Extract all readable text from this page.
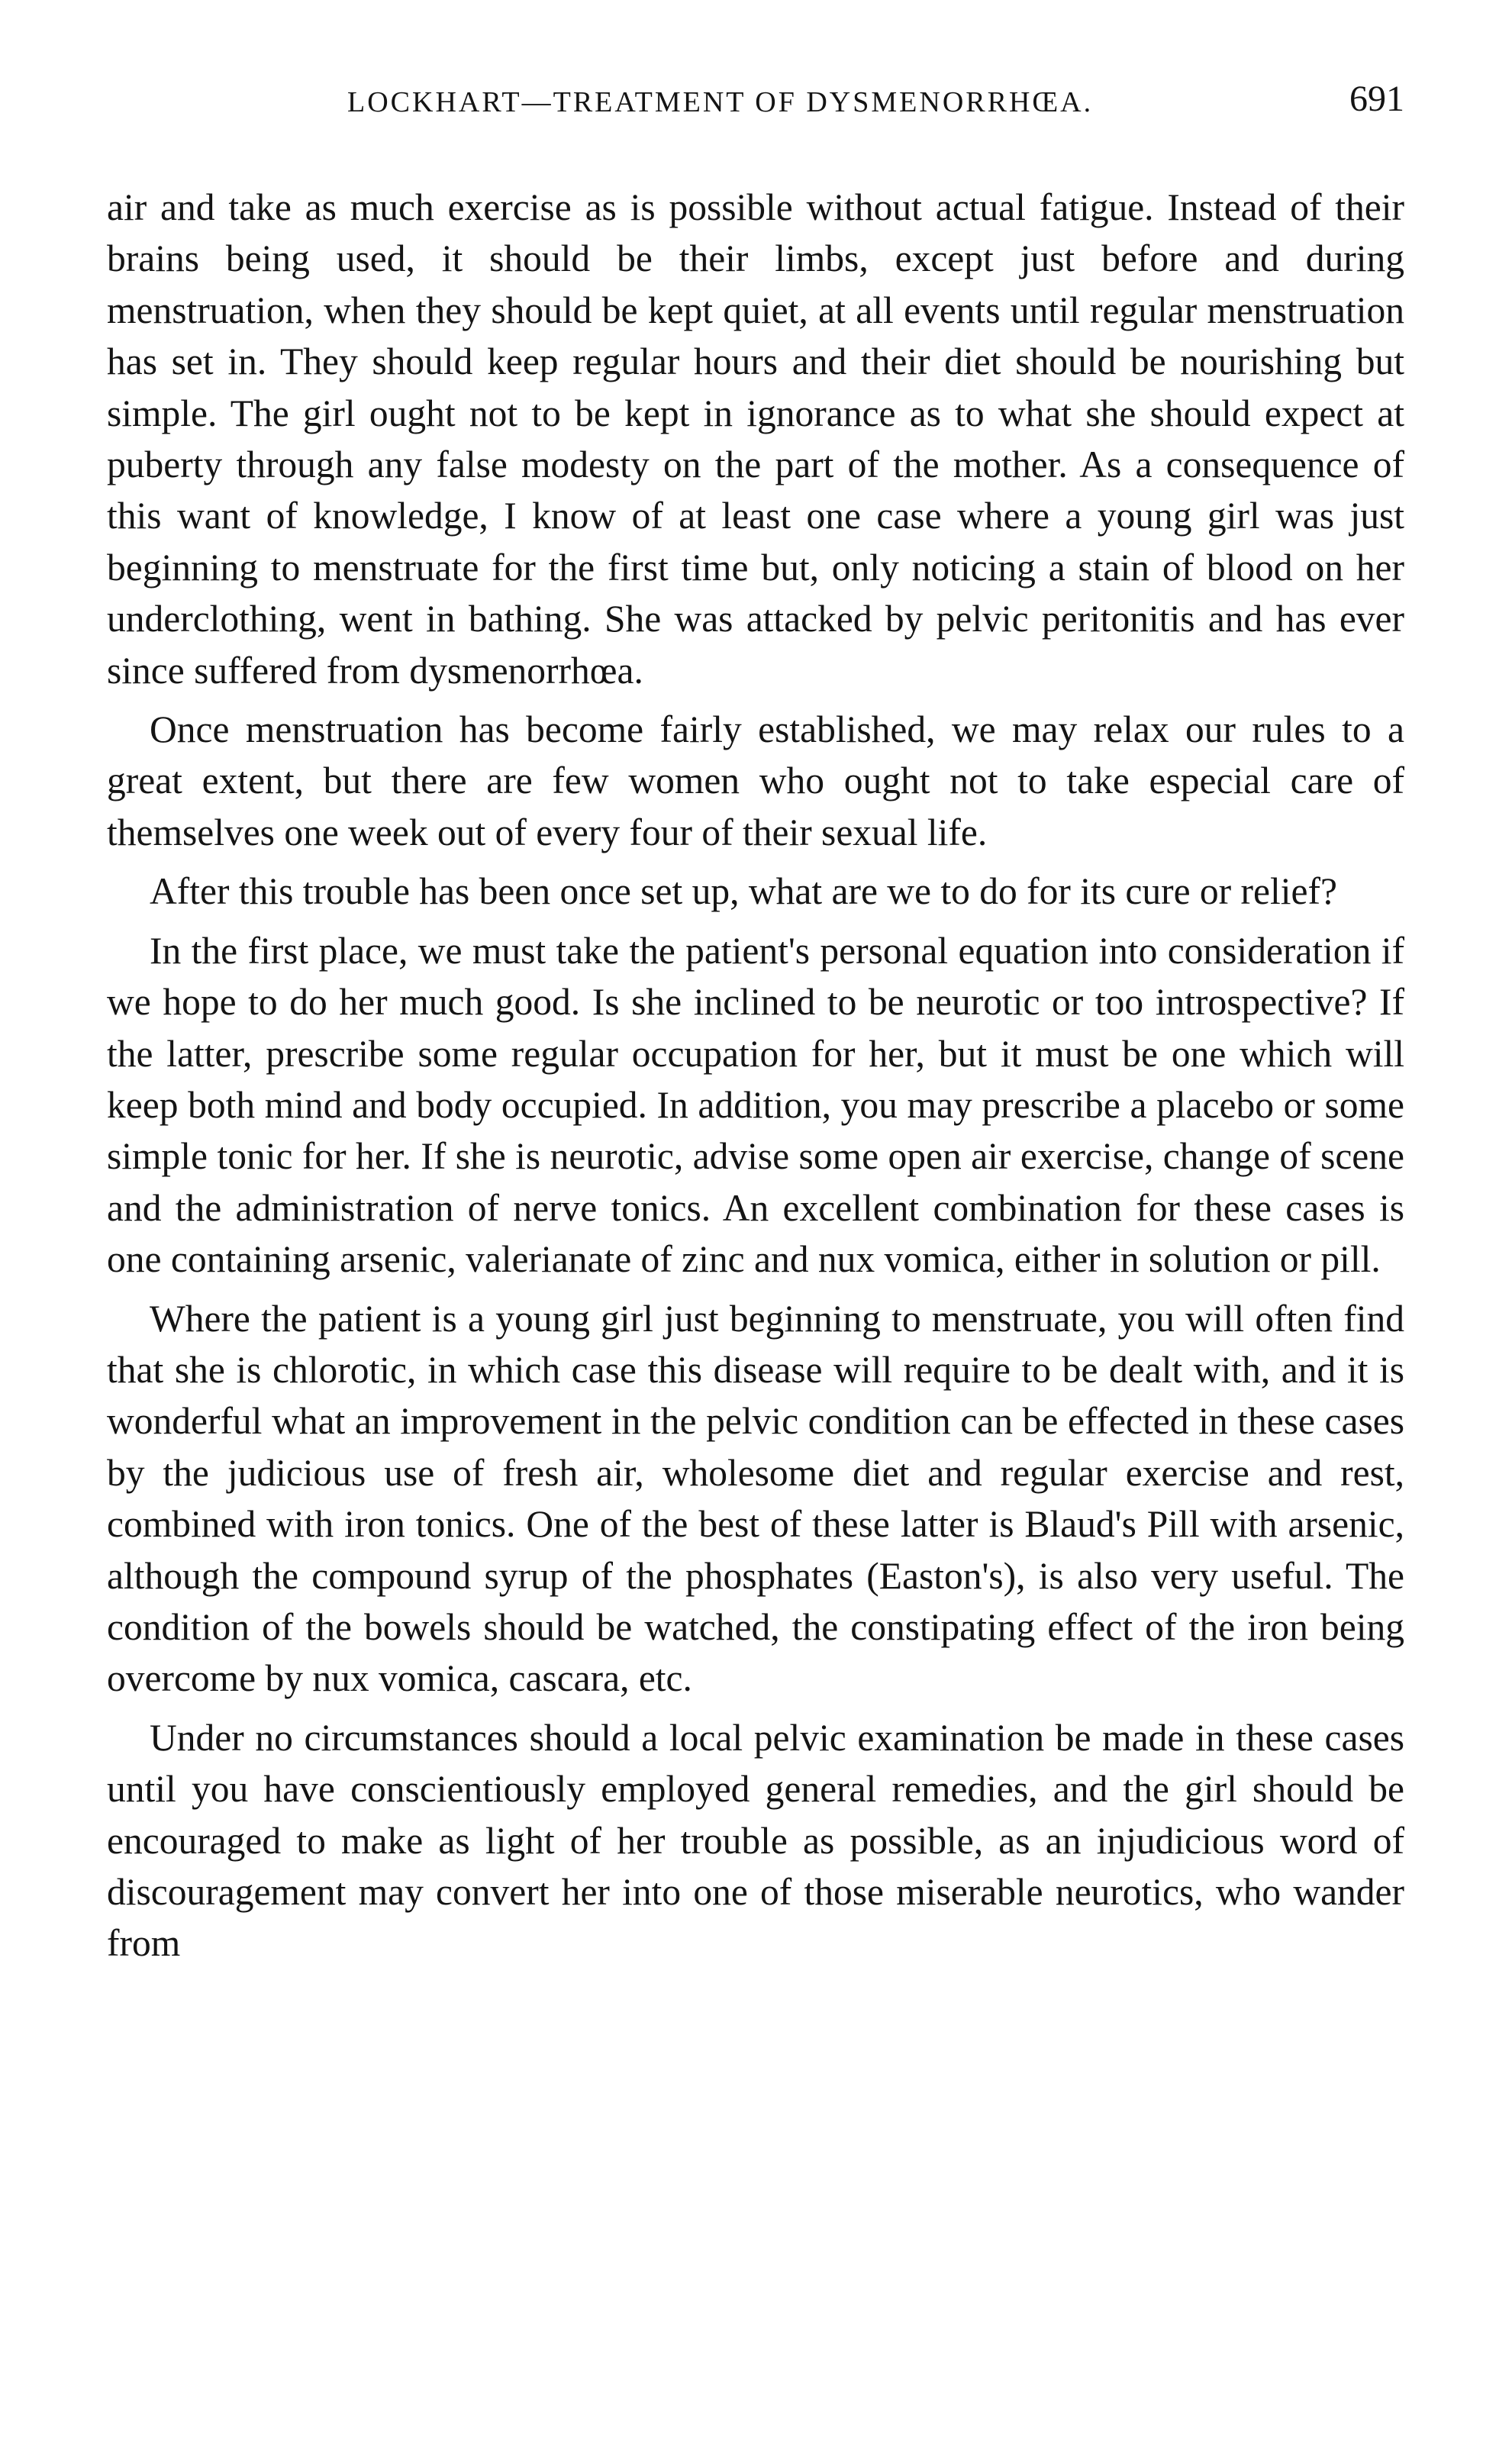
LOCKHART—TREATMENT OF DYSMENORRHŒA.	691

air and take as much exercise as is possible without actual fatigue. Instead of their brains being used, it should be their limbs, except just before and during menstruation, when they should be kept quiet, at all events until regular menstruation has set in. They should keep regular hours and their diet should be nourishing but simple. The girl ought not to be kept in ignorance as to what she should expect at puberty through any false modesty on the part of the mother. As a consequence of this want of knowledge, I know of at least one case where a young girl was just beginning to menstruate for the first time but, only noticing a stain of blood on her underclothing, went in bathing. She was attacked by pelvic peritonitis and has ever since suffered from dysmenorrhœa.

Once menstruation has become fairly established, we may relax our rules to a great extent, but there are few women who ought not to take especial care of themselves one week out of every four of their sexual life.

After this trouble has been once set up, what are we to do for its cure or relief?

In the first place, we must take the patient's personal equation into consideration if we hope to do her much good. Is she inclined to be neurotic or too introspective? If the latter, prescribe some regular occupation for her, but it must be one which will keep both mind and body occupied. In addition, you may prescribe a placebo or some simple tonic for her. If she is neurotic, advise some open air exercise, change of scene and the administration of nerve tonics. An excellent combination for these cases is one containing arsenic, valerianate of zinc and nux vomica, either in solution or pill.

Where the patient is a young girl just beginning to menstruate, you will often find that she is chlorotic, in which case this disease will require to be dealt with, and it is wonderful what an improvement in the pelvic condition can be effected in these cases by the judicious use of fresh air, wholesome diet and regular exercise and rest, combined with iron tonics. One of the best of these latter is Blaud's Pill with arsenic, although the compound syrup of the phosphates (Easton's), is also very useful. The condition of the bowels should be watched, the constipating effect of the iron being overcome by nux vomica, cascara, etc.

Under no circumstances should a local pelvic examination be made in these cases until you have conscientiously employed general remedies, and the girl should be encouraged to make as light of her trouble as possible, as an injudicious word of discouragement may convert her into one of those miserable neurotics, who wander from
